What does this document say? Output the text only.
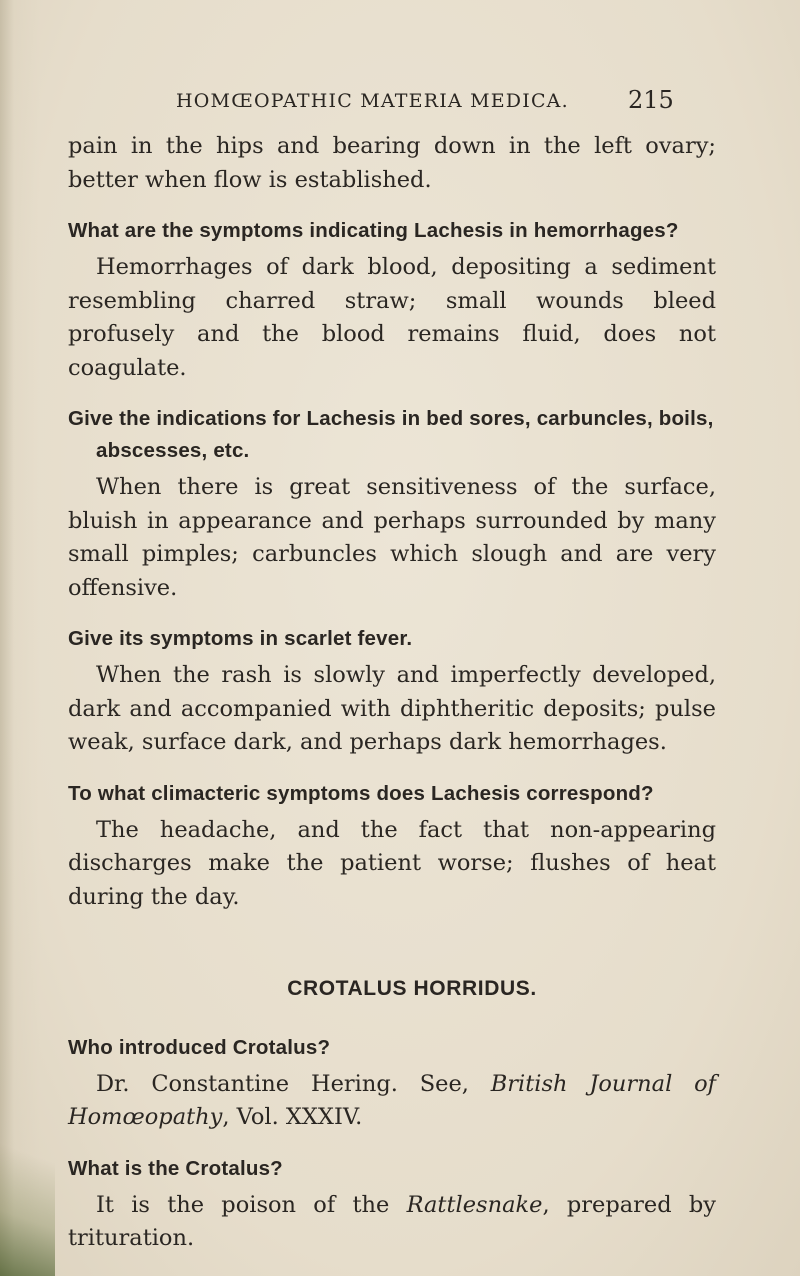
HOMŒOPATHIC MATERIA MEDICA. 215

pain in the hips and bearing down in the left ovary; better when flow is established.

What are the symptoms indicating Lachesis in hemorrhages?

Hemorrhages of dark blood, depositing a sediment resembling charred straw; small wounds bleed profusely and the blood remains fluid, does not coagulate.

Give the indications for Lachesis in bed sores, carbuncles, boils, abscesses, etc.

When there is great sensitiveness of the surface, bluish in appearance and perhaps surrounded by many small pimples; carbuncles which slough and are very offensive.

Give its symptoms in scarlet fever.

When the rash is slowly and imperfectly developed, dark and accompanied with diphtheritic deposits; pulse weak, surface dark, and perhaps dark hemorrhages.

To what climacteric symptoms does Lachesis correspond?

The headache, and the fact that non-appearing discharges make the patient worse; flushes of heat during the day.

CROTALUS HORRIDUS.

Who introduced Crotalus?

Dr. Constantine Hering. See, British Journal of Homœopathy, Vol. XXXIV.

What is the Crotalus?

It is the poison of the Rattlesnake, prepared by trituration.
